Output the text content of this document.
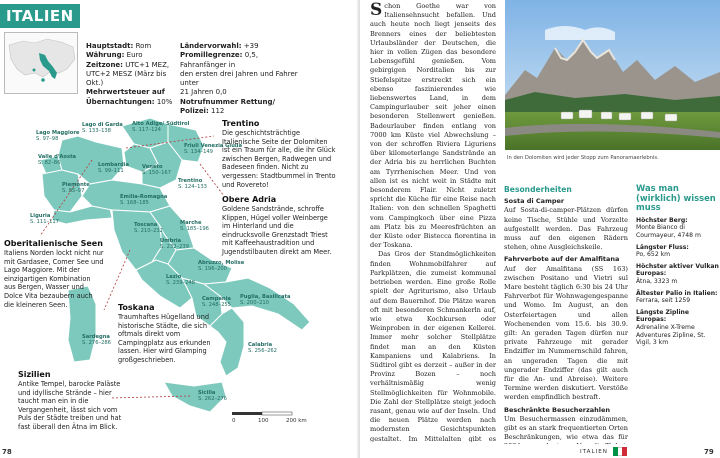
ITALIEN
Hauptstadt: Rom
Währung: Euro
Zeitzone: UTC+1 MEZ,
UTC+2 MESZ (März bis Okt.)
Mehrwertsteuer auf
Übernachtungen: 10%
Ländervorwahl: +39
Promillegrenze: 0,5, Fahranfänger in
den ersten drei Jahren und Fahrer unter
21 Jahren 0,0
Notrufnummer Rettung/
Polizei: 112
0	100	200 km
Lago Maggiore
S. 97–98
Lago di Garda
S. 133–138
Alto Adige/ Südtirol
S. 117–124
Friuli Venezia Giulia
S. 134–149
Valle d'Aosta
S. 82–86	Lombardia
S. 99–111
Veneto
S. 150–167
Piemonte
S. 85–97
Trentino
S. 124–133
Emilia-Romagna
S. 168–185
Liguria
S. 111–117	Toscana
S. 210–232
Marche
S. 185–196
Umbria
S. 232–239
Abruzzo, Molise
S. 196–200
Lazio
S. 239–248
Campania
S. 248–255
Puglia, Basilicata
S. 200–210
Sardegna
S. 276–286	Calabria
S. 256–262
Sicilia
S. 262–276
Trentino
Die geschichtsträchtige Italienische Seite der Dolomiten ist ein Traum für alle, die ihr Glück zwischen Bergen, Radwegen und Badeseen finden. Nicht zu vergessen: Stadtbummel in Trento und Rovereto!
Obere Adria
Goldene Sandstrände, schroffe Klippen, Hügel voller Weinberge im Hinterland und die eindrucksvolle Grenzstadt Triest mit Kaffeehaustradition und Jugendstilbauten direkt am Meer.
Oberitalienische Seen
Italiens Norden lockt nicht nur mit Gardasee, Comer See und Lago Maggiore. Mit der einzigartigen Kombination aus Bergen, Wasser und Dolce Vita bezaubern auch die kleineren Seen.	Toskana
Traumhaftes Hügelland und historische Städte, die sich oftmals direkt vom Campingplatz aus erkunden lassen. Hier wird Glamping großgeschrieben.
Sizilien
Antike Tempel, barocke Paläste und idyllische Strände – hier taucht man ein in die Vergangenheit, lässt sich vom Puls der Städte treiben und hat fast überall den Ätna im Blick.
78
S chon Goethe war von Italiensehnsucht befallen. Und auch heute noch liegt jenseits des Brenners eines der beliebtesten Urlaubsländer der Deutschen, die hier in vollen Zügen das besondere Lebensgefühl genießen. Vom gebirgigen Norditalien bis zur Stiefelspitze erstreckt sich ein ebenso faszinierendes wie liebenswertes Land, in dem Campingurlauber seit jeher einen besonderen Stellenwert genießen. Badeurlauber finden entlang von 7000 km Küste viel Abwechslung – von der schroffen Riviera Liguriens über kilometerlange Sandstrände an der Adria bis zu herrlichen Buchten am Tyrrhenischen Meer. Und von allen ist es nicht weit in Städte mit besonderem Flair. Nicht zuletzt spricht die Küche für eine Reise nach Italien: von den schnellen Spaghetti vom Campingkoch über eine Pizza am Platz bis zu Meeresfrüchten an der Küste oder Bistecca fiorentina in der Toskana.
Das Gros der Standmöglichkeiten finden Wohnmobilfahrer auf Parkplätzen, die zumeist kommunal betrieben werden. Eine große Rolle spielt der Agriturismo, also Urlaub auf dem Bauernhof. Die Plätze waren oft mit besonderen Schmankerln auf, wie etwa Kochkursen oder Weinproben in der eigenen Kellerei. Immer mehr solcher Stellplätze findet man an den Küsten Kampaniens und Kalabriens. In Südtirol gibt es derzeit – außer in der Provinz Bozen – noch verhältnismäßig wenig Stellmöglichkeiten für Wohnmobile. Die Zahl der Stellplätze steigt jedoch rasant, genau wie auf der Inseln. Und die neuen Plätze werden nach modernsten Gesichtspunkten gestaltet. Im Mittelalten gibt es
In den Dolomiten wird jeder Stopp zum Panoramaerlebnis.
Besonderheiten
Sosta di Camper
Auf Sosta-di-camper-Plätzen dürfen keine Tische, Stühle und Vorzelte aufgestellt werden. Das Fahrzeug muss auf den eigenen Rädern stehen, ohne Ausgleichskeile.
Fahrverbote auf der Amalfitana
Auf der Amalfitana (SS 163) zwischen Positano und Vietri sul Mare besteht täglich 6:30 bis 24 Uhr Fahrverbot für Wohnwagengespanne und Womo. Im August, an den Osterfeiertagen und allen Wochenenden vom 15.6. bis 30.9. gilt: An geraden Tagen dürfen nur private Fahrzeuge mit gerader Endziffer im Nummernschild fahren, an ungeraden Tagen die mit ungerader Endziffer (das gilt auch für die An- und Abreise). Weitere Termine werden diskutiert. Verstöße werden empfindlich bestraft.
Beschränkte Besucherzahlen
Um Besuchermassen einzudämmen, gibt es an stark frequentierten Orten Beschränkungen, wie etwa das für
Was man (wirklich) wissen muss
Höchster Berg:
Monte Bianco di Courmayeur, 4748 m
Längster Fluss:
Po, 652 km
Höchster aktiver Vulkan Europas:
Ätna, 3323 m
Ältester Palio in Italien:
Ferrara, seit 1259
Längste Zipline Europas:
Adrenaline X-Treme Adventures Zipline, St. Vigil, 3 km
ITALIEN	79
